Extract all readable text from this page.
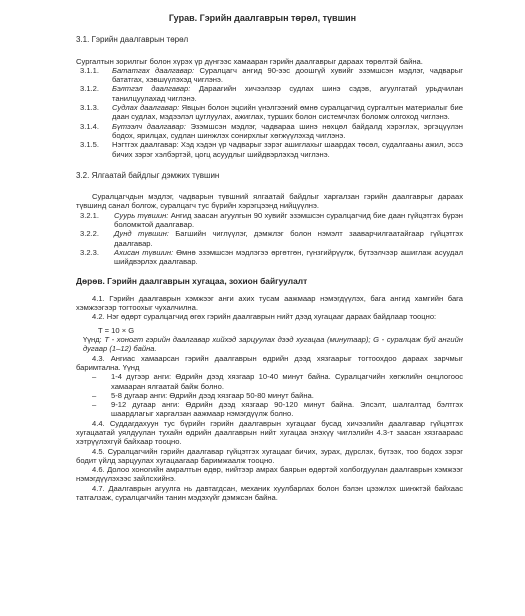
Гурав. Гэрийн даалгаврын төрөл, түвшин
3.1. Гэрийн даалгаврын төрөл
Сургалтын зорилгыг болон хүрэх үр дүнгээс хамааран гэрийн даалгаврыг дараах төрөлтэй байна.
3.1.1.	Бататгах даалгавар: Суралцагч ангид 90-ээс доошгүй хувийг эзэмшсэн мэдлэг, чадварыг бататгах, хэвшүүлэхэд чиглэнэ.
3.1.2.	Бэлтгэл даалгавар: Дараагийн хичээлээр судлах шинэ сэдэв, агуулгатай урьдчилан танилцуулахад чиглэнэ.
3.1.3.	Судлах даалгавар: Явцын болон эцсийн үнэлгээний өмнө суралцагчид сургалтын материалыг бие даан судлах, мэдээлэл цуглуулах, ажиглах, турших болон системчлэх боломж олгоход чиглэнэ.
3.1.4.	Бүтээлч даалгавар: Эзэмшсэн мэдлэг, чадвараа шинэ нөхцөл байдалд хэрэглэх, эргэцүүлэн бодох, ярилцах, судлан шинжлэх сонирхлыг хөгжүүлэхэд чиглэнэ.
3.1.5.	Нэгтгэх даалгавар: Хэд хэдэн үр чадварыг зэрэг ашиглахыг шаардах төсөл, судалгааны ажил, эссэ бичих зэрэг хэлбэртэй, цогц асуудлыг шийдвэрлэхэд чиглэнэ.
3.2. Ялгаатай байдлыг дэмжих түвшин
Суралцагчдын мэдлэг, чадварын түвшний ялгаатай байдлыг харгалзан гэрийн даалгаврыг дараах түвшинд санал болгож, суралцагч тус бүрийн хэрэгцээнд нийцүүлнэ.
3.2.1.	Суурь түвшин: Ангид заасан агуулгын 90 хувийг эзэмшсэн суралцагчид бие даан гүйцэтгэх бүрэн боломжтой даалгавар.
3.2.2.	Дунд түвшин: Багшийн чиглүүлэг, дэмжлэг болон нэмэлт зааварчилгаатайгаар гүйцэтгэх даалгавар.
3.2.3.	Ахисан түвшин: Өмнө эзэмшсэн мэдлэгээ өргөтгөн, гүнзгийрүүлж, бүтээлчээр ашиглаж асуудал шийдвэрлэх даалгавар.
Дөрөв. Гэрийн даалгаврын хугацаа, зохион байгуулалт
4.1. Гэрийн даалгаврын хэмжээг анги ахих тусам аажмаар нэмэгдүүлэх, бага ангид хамгийн бага хэмжээгээр тогтоохыг чухалчилна.
4.2. Нэг өдөрт суралцагчид өгөх гэрийн даалгаврын нийт дээд хугацааг дараах байдлаар тооцно:
T = 10 × G
Үүнд: T - хоногт гэрийн даалгавар хийхэд зарцуулах дээд хугацаа (минутаар); G - суралцаж буй ангийн дугаар (1–12) байна.
4.3. Ангиас хамаарсан гэрийн даалгаврын өдрийн дээд хязгаарыг тогтоохдоо дараах зарчмыг баримтална. Үүнд
–	1-4 дүгээр анги: Өдрийн дээд хязгаар 10-40 минут байна. Суралцагчийн хөгжлийн онцлогоос хамааран ялгаатай байж болно.
–	5-8 дугаар анги: Өдрийн дээд хязгаар 50-80 минут байна.
–	9-12 дугаар анги: Өдрийн дээд хязгаар 90-120 минут байна. Элсэлт, шалгалтад бэлтгэх шаардлагыг харгалзан аажмаар нэмэгдүүлж болно.
4.4. Суддагдахуун тус бүрийн гэрийн даалгаврын хугацааг бусад хичээлийн даалгавар гүйцэтгэх хугацаатай уялдуулан тухайн өдрийн даалгаврын нийт хугацаа энэхүү чиглэлийн 4.3-т заасан хязгаараас хэтрүүлэхгүй байхаар тооцно.
4.5. Суралцагчийн гэрийн даалгавар гүйцэтгэх хугацааг бичих, зурах, дүрслэх, бүтээх, тоо бодох зэрэг бодит үйлд зарцуулах хугацаагаар баримжаалж тооцно.
4.6. Долоо хоногийн амралтын өдөр, нийтээр амрах баярын өдөртэй холбогдуулан даалгаврын хэмжээг нэмэгдүүлэхээс зайлсхийнэ.
4.7. Даалгаврын агуулга нь давтагдсан, механик хуулбарлах болон бэлэн цээжлэх шинжтэй байхаас татгалзаж, суралцагчийн танин мэдэхүйг дэмжсэн байна.
